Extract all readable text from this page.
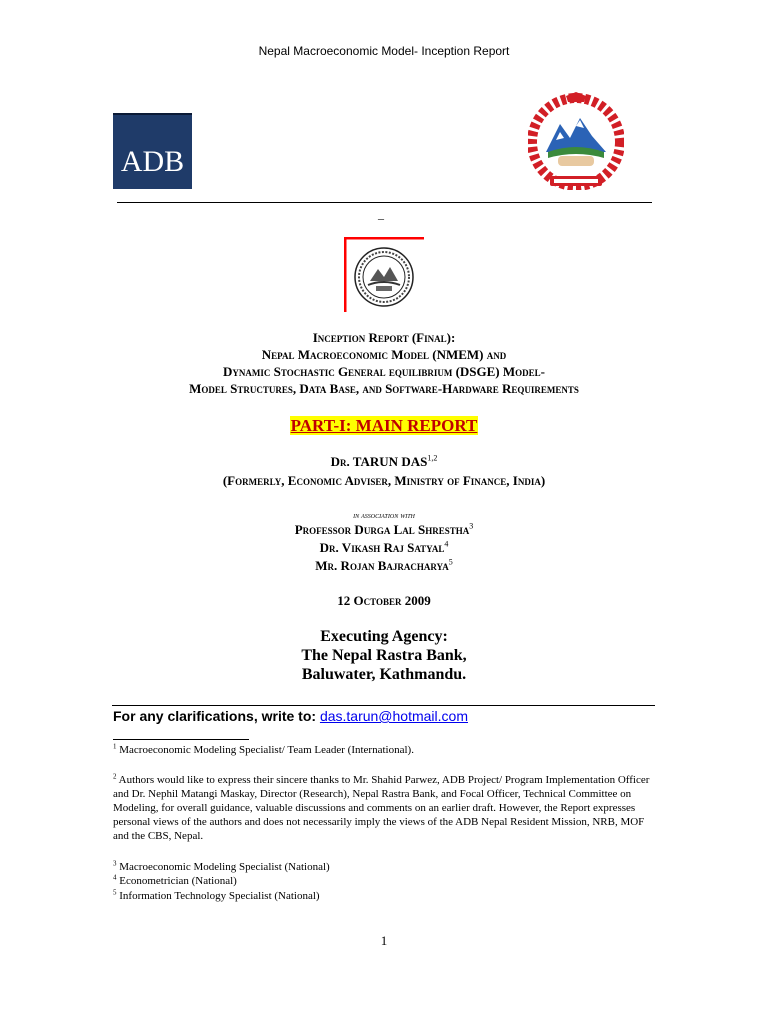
Nepal Macroeconomic Model- Inception Report
ADB
_
Inception Report (Final):
Nepal Macroeconomic Model (NMEM) and
Dynamic Stochastic General equilibrium (DSGE) Model-
Model Structures, Data Base, and Software-Hardware Requirements
PART-I: MAIN REPORT
Dr. TARUN DAS$^{1,2}$
(Formerly, Economic Adviser, Ministry of Finance, India)
in association with
Professor Durga Lal Shrestha$^3$
Dr. Vikash Raj Satyal$^4$
Mr. Rojan Bajracharya$^5$
12 October 2009
Executing Agency:
The Nepal Rastra Bank,
Baluwater, Kathmandu.
For any clarifications, write to: das.tarun@hotmail.com
$^1$ Macroeconomic Modeling Specialist/ Team Leader (International).
$^2$ Authors would like to express their sincere thanks to Mr. Shahid Parwez, ADB Project/ Program Implementation Officer and Dr. Nephil Matangi Maskay, Director (Research), Nepal Rastra Bank, and Focal Officer, Technical Committee on Modeling, for overall guidance, valuable discussions and comments on an earlier draft. However, the Report expresses personal views of the authors and does not necessarily imply the views of the ADB Nepal Resident Mission, NRB, MOF and the CBS, Nepal.
$^3$ Macroeconomic Modeling Specialist (National)
$^4$ Econometrician (National)
$^5$ Information Technology Specialist (National)
1
